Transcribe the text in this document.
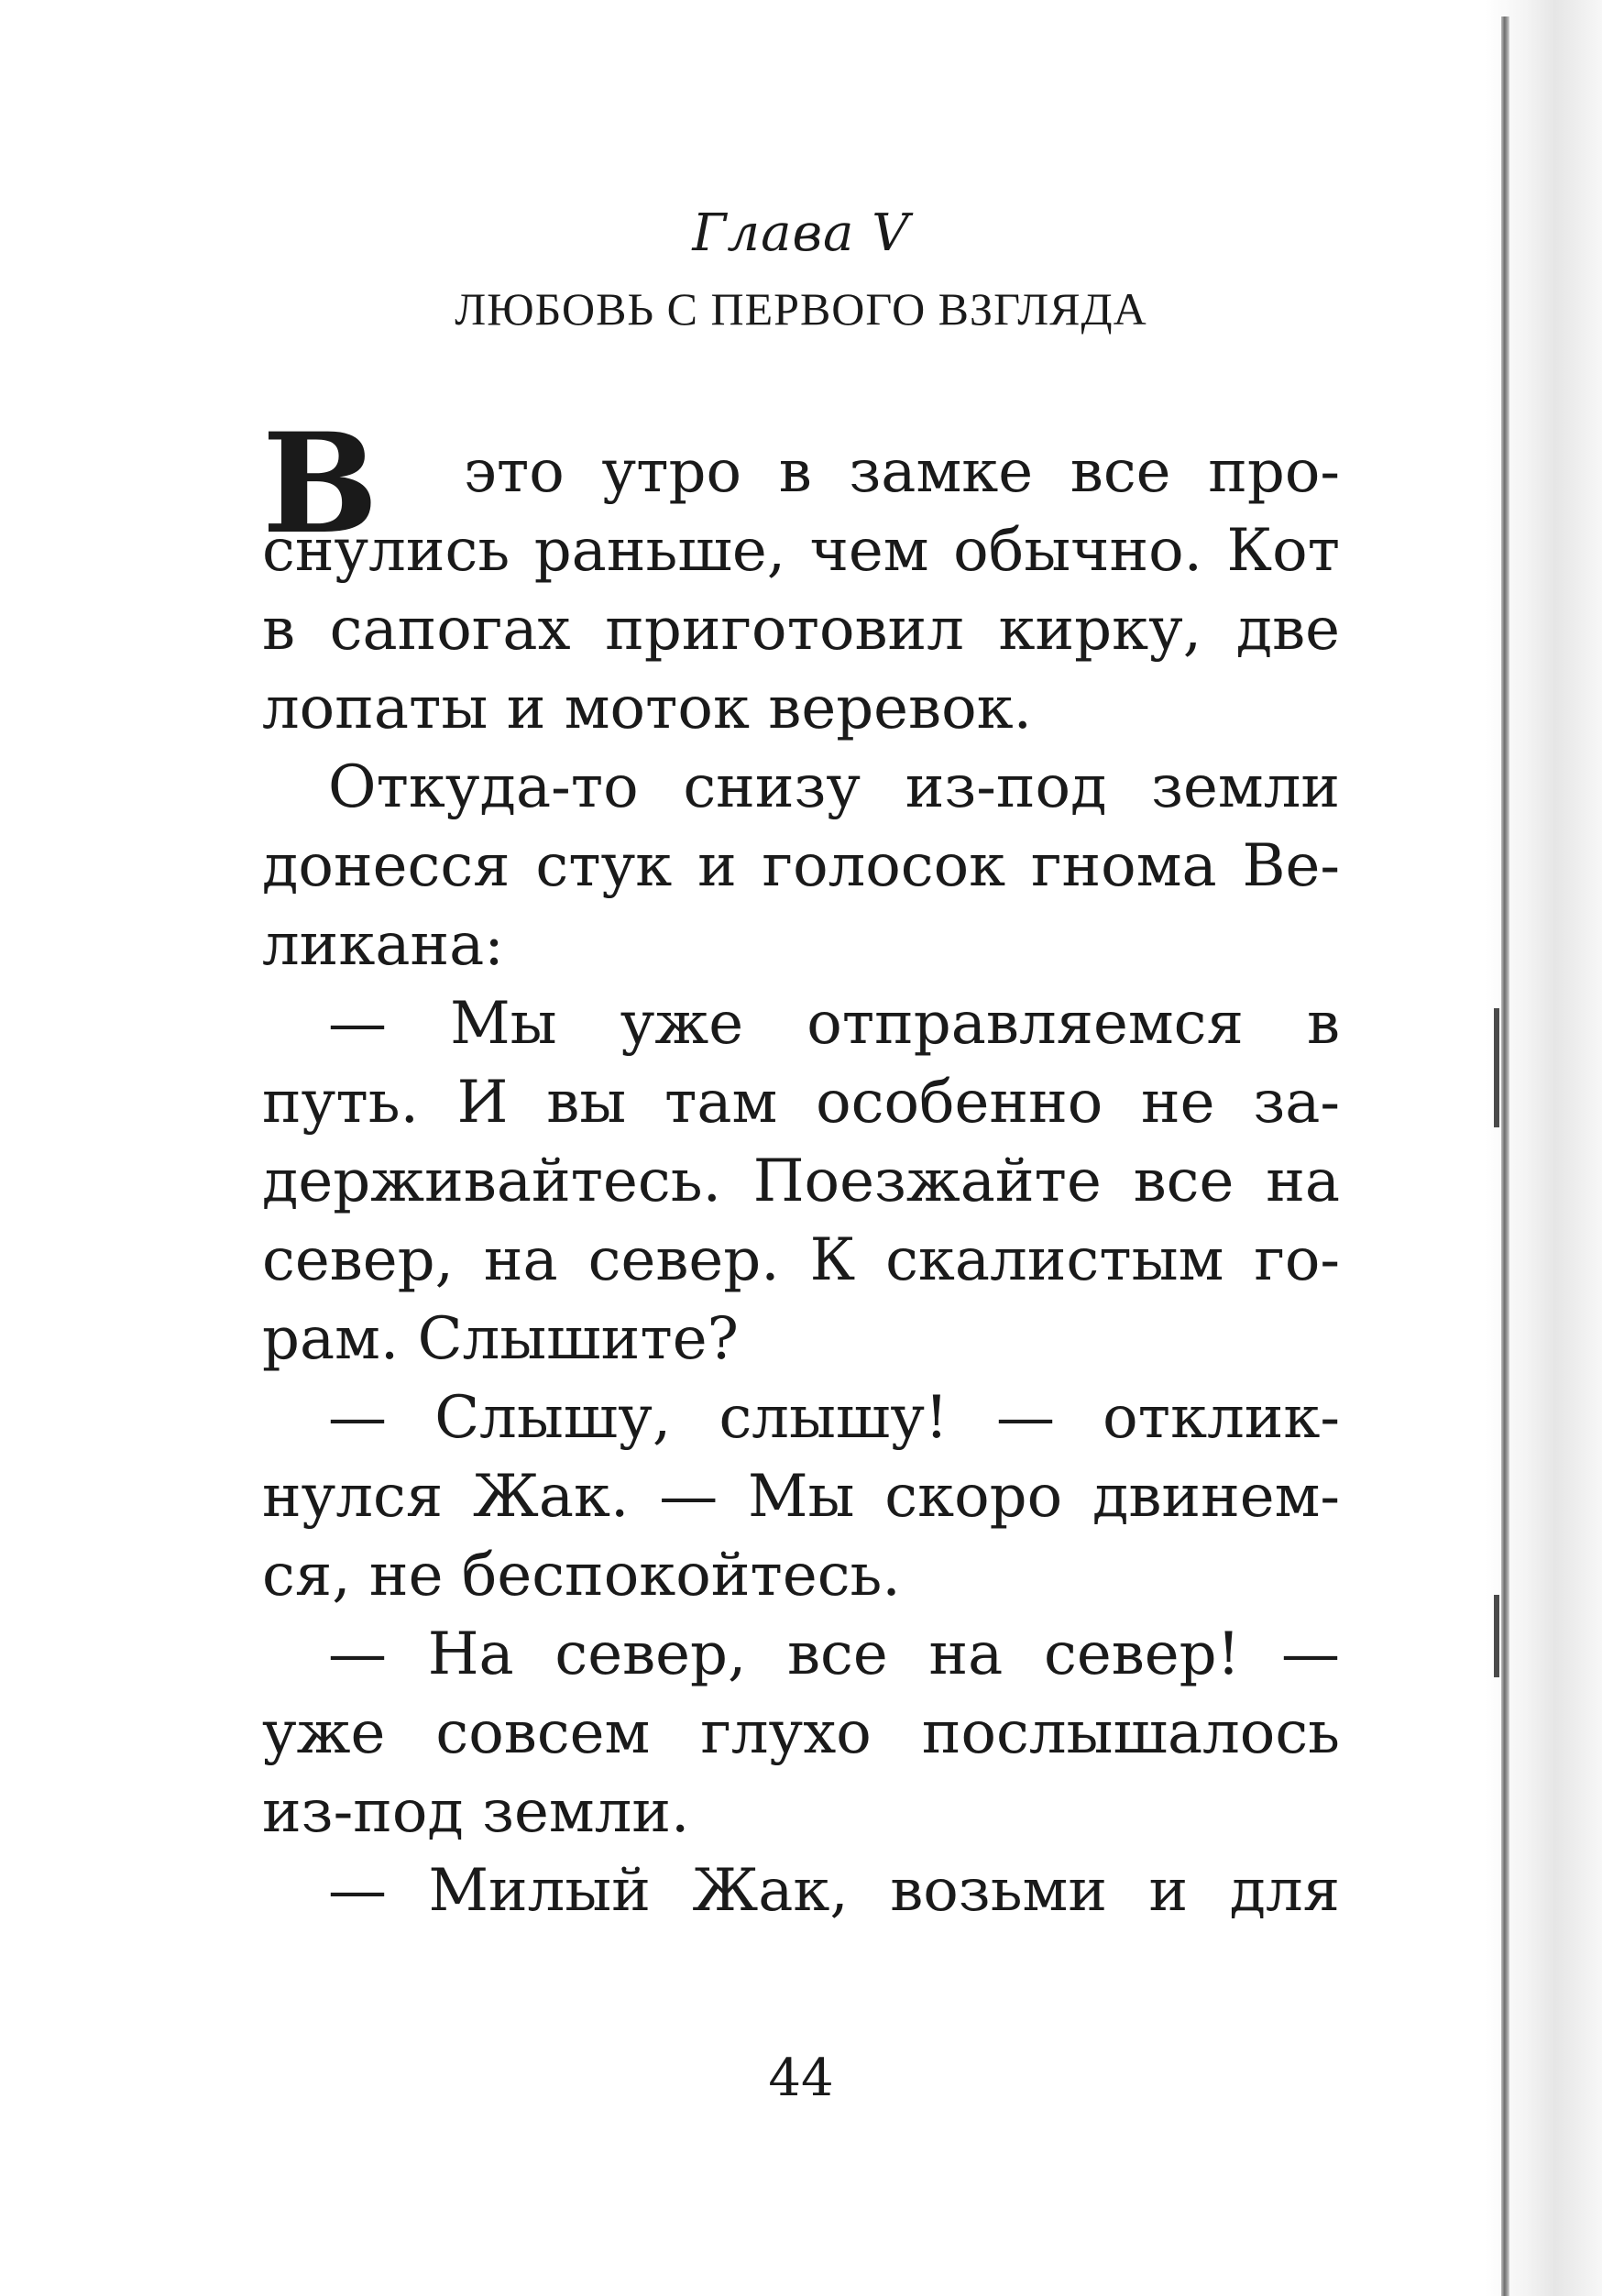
Глава V
ЛЮБОВЬ С ПЕРВОГО ВЗГЛЯДА
В	это утро в замке все про-
снулись раньше, чем обычно. Кот
в сапогах приготовил кирку, две
лопаты и моток веревок.
Откуда-то снизу из-под земли
донесся стук и голосок гнома Ве-
ликана:
— Мы уже отправляемся в
путь. И вы там особенно не за-
держивайтесь. Поезжайте все на
север, на север. К скалистым го-
рам. Слышите?
— Слышу, слышу! — отклик-
нулся Жак. — Мы скоро двинем-
ся, не беспокойтесь.
— На север, все на север! —
уже совсем глухо послышалось
из-под земли.
— Милый Жак, возьми и для
44
